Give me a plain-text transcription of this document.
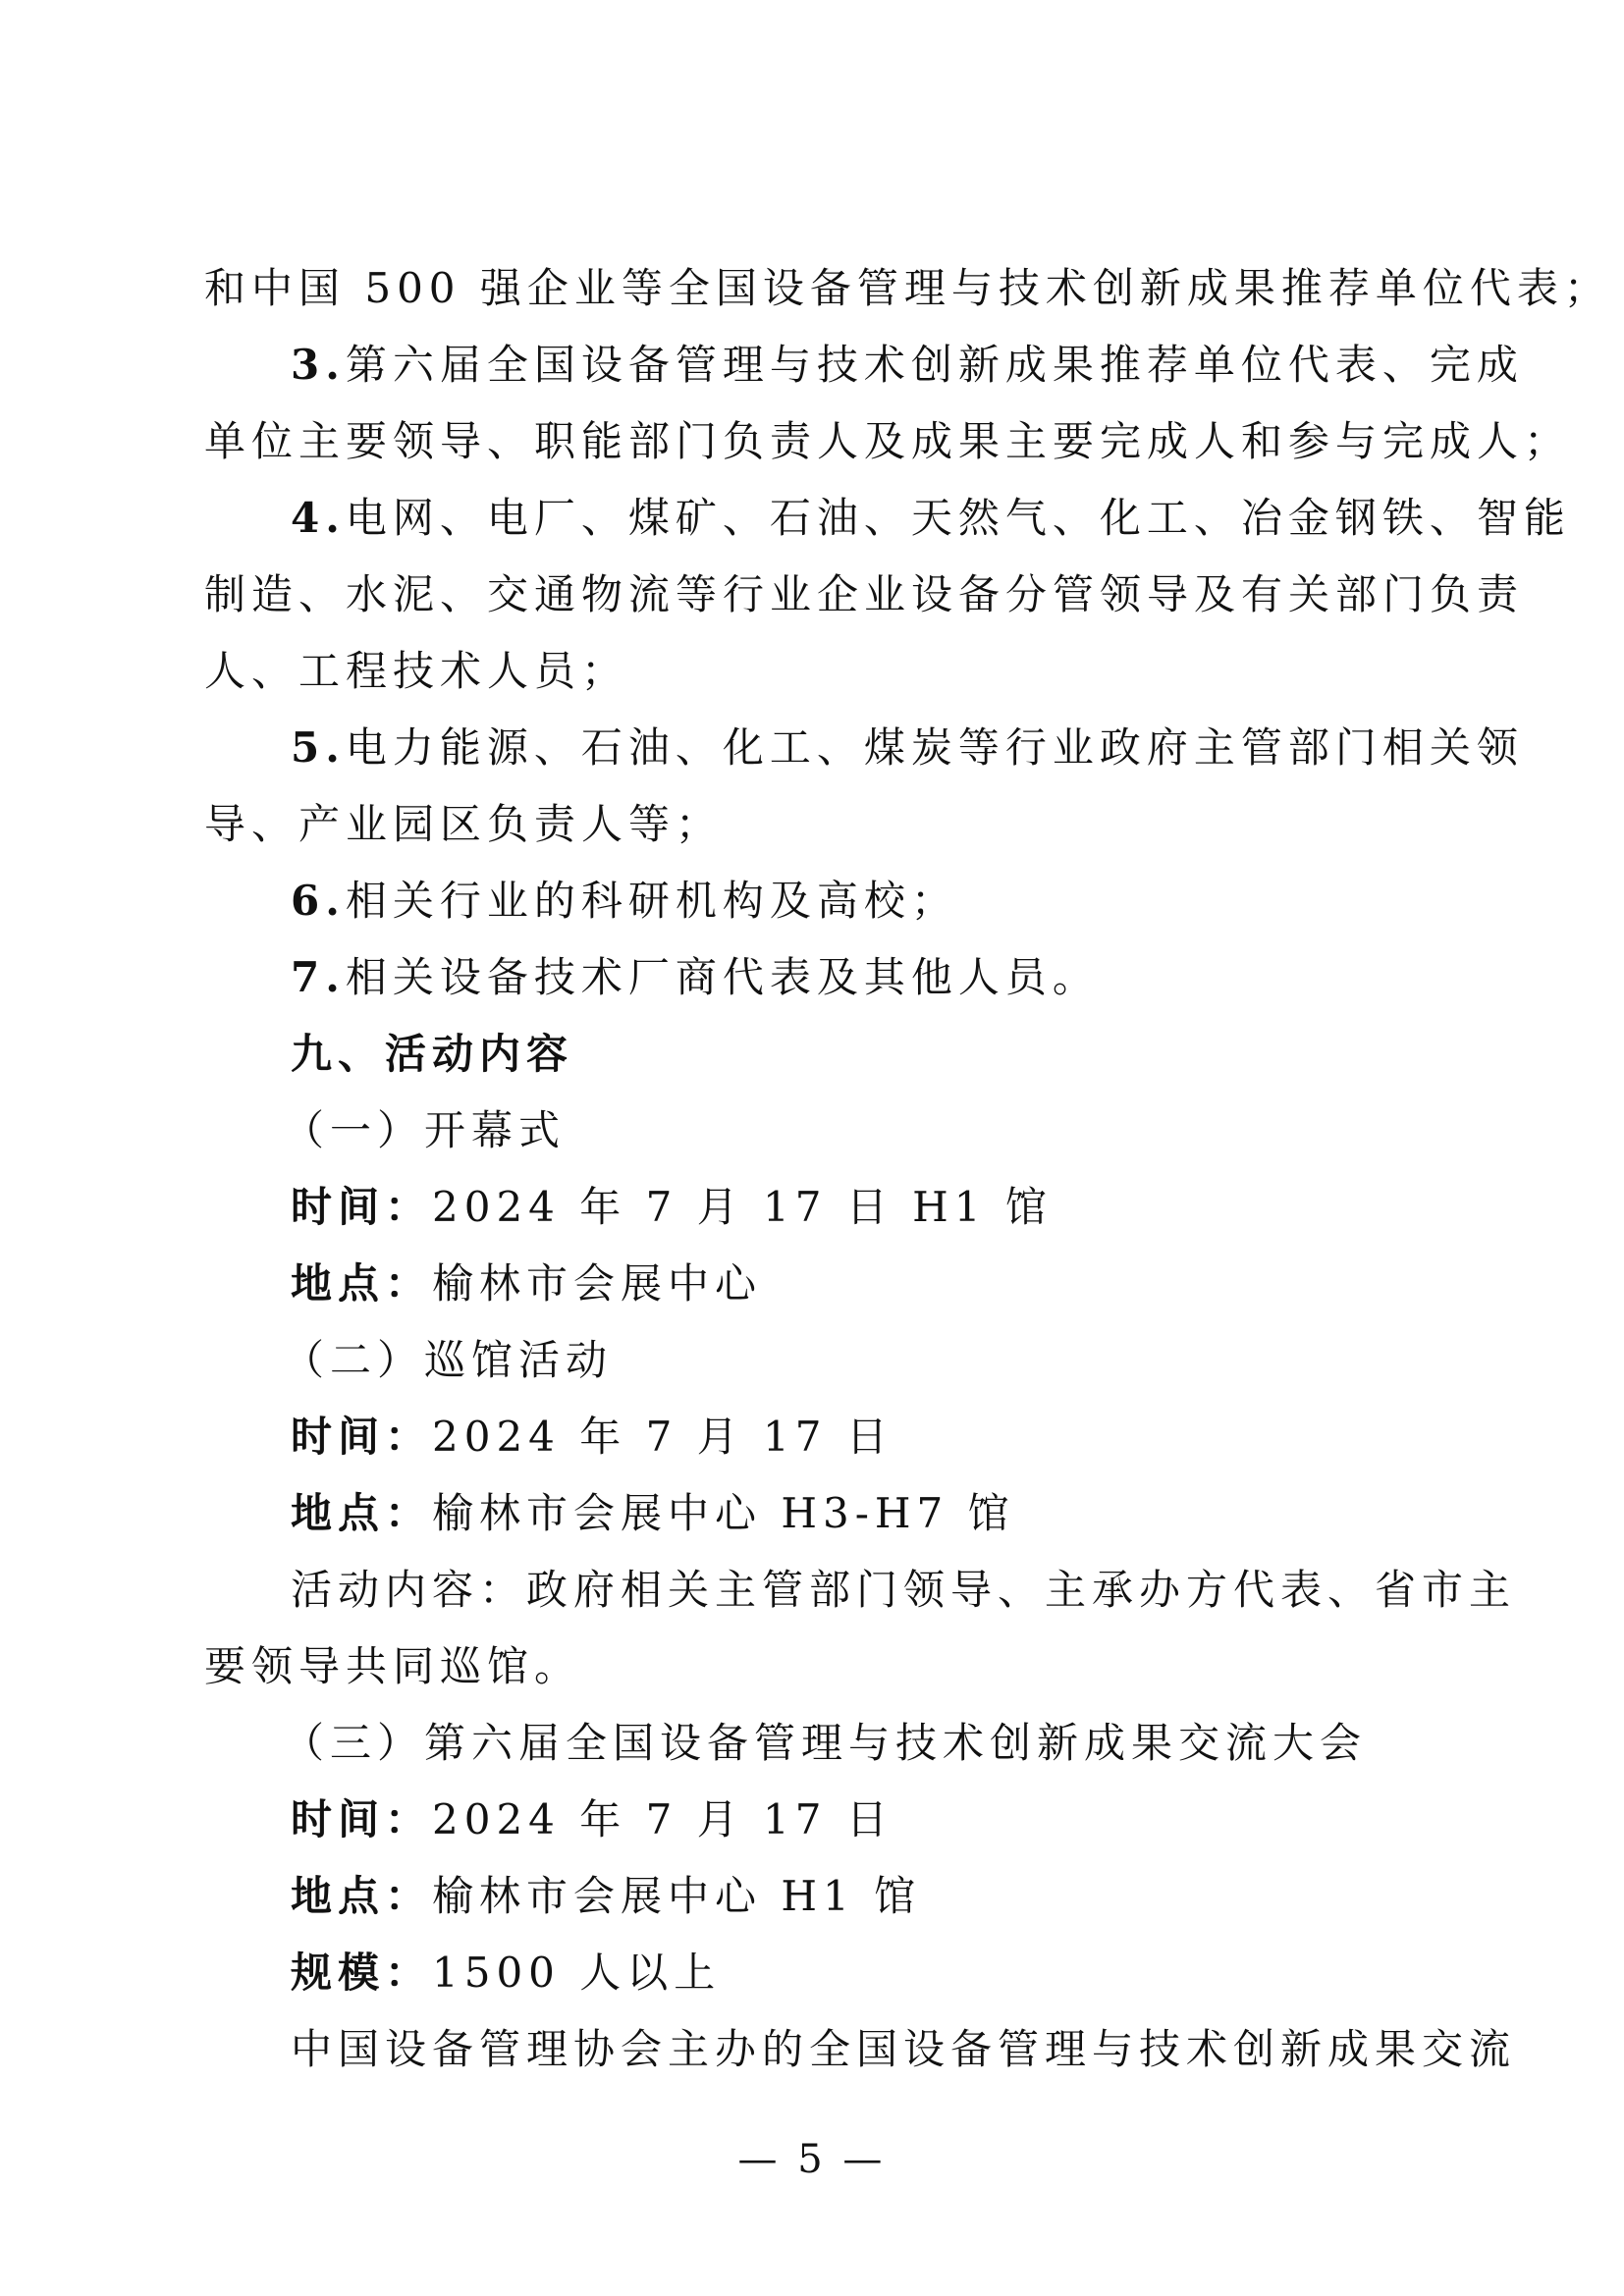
和中国 500 强企业等全国设备管理与技术创新成果推荐单位代表；
3.第六届全国设备管理与技术创新成果推荐单位代表、完成
单位主要领导、职能部门负责人及成果主要完成人和参与完成人；
4.电网、电厂、煤矿、石油、天然气、化工、冶金钢铁、智能
制造、水泥、交通物流等行业企业设备分管领导及有关部门负责
人、工程技术人员；
5.电力能源、石油、化工、煤炭等行业政府主管部门相关领
导、产业园区负责人等；
6.相关行业的科研机构及高校；
7.相关设备技术厂商代表及其他人员。
九、活动内容
（一）开幕式
时间：2024 年 7 月 17 日 H1 馆
地点：榆林市会展中心
（二）巡馆活动
时间：2024 年 7 月 17 日
地点：榆林市会展中心 H3-H7 馆
活动内容：政府相关主管部门领导、主承办方代表、省市主
要领导共同巡馆。
（三）第六届全国设备管理与技术创新成果交流大会
时间：2024 年 7 月 17 日
地点：榆林市会展中心 H1 馆
规模：1500 人以上
中国设备管理协会主办的全国设备管理与技术创新成果交流
— 5 —
